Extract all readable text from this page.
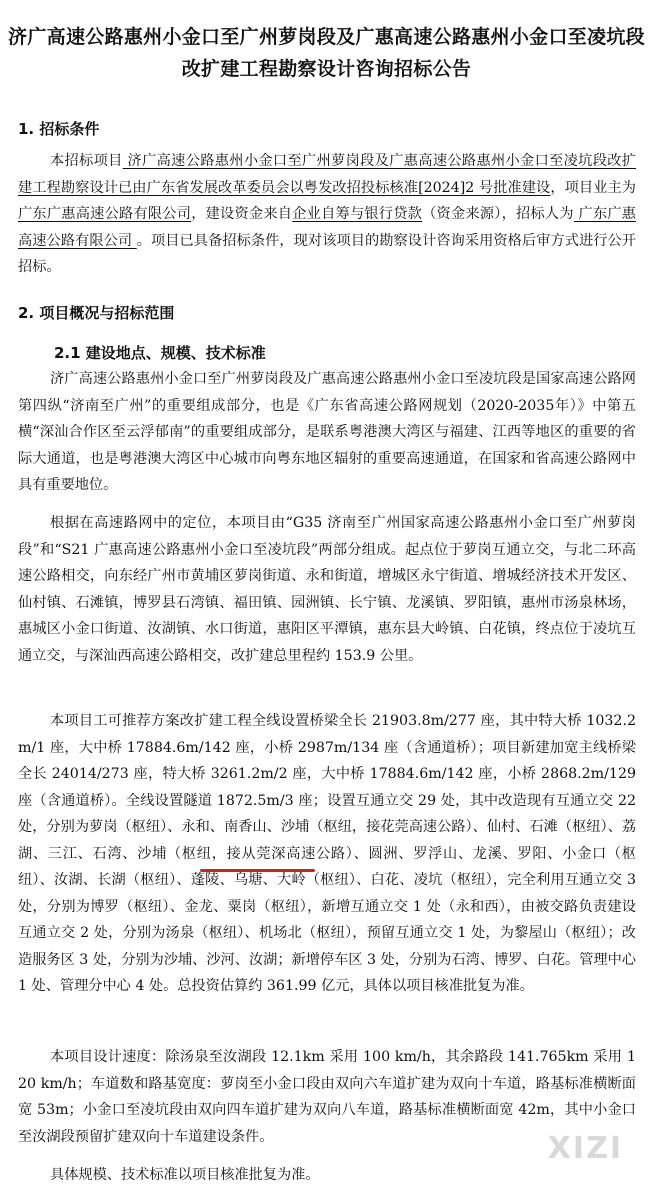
济广高速公路惠州小金口至广州萝岗段及广惠高速公路惠州小金口至凌坑段
改扩建工程勘察设计咨询招标公告
1. 招标条件
本招标项目 济广高速公路惠州小金口至广州萝岗段及广惠高速公路惠州小金口至凌坑段改扩建工程勘察设计已由广东省发展改革委员会以粤发改招投标核准[2024]2 号批准建设，项目业主为 广东广惠高速公路有限公司，建设资金来自企业自筹与银行贷款（资金来源），招标人为 广东广惠高速公路有限公司 。项目已具备招标条件，现对该项目的勘察设计咨询采用资格后审方式进行公开招标。
2. 项目概况与招标范围
2.1 建设地点、规模、技术标准
济广高速公路惠州小金口至广州萝岗段及广惠高速公路惠州小金口至凌坑段是国家高速公路网第四纵“济南至广州”的重要组成部分，也是《广东省高速公路网规划（2020-2035年）》中第五横“深汕合作区至云浮郁南”的重要组成部分，是联系粤港澳大湾区与福建、江西等地区的重要的省际大通道，也是粤港澳大湾区中心城市向粤东地区辐射的重要高速通道，在国家和省高速公路网中具有重要地位。
根据在高速路网中的定位，本项目由“G35 济南至广州国家高速公路惠州小金口至广州萝岗段”和“S21 广惠高速公路惠州小金口至凌坑段”两部分组成。起点位于萝岗互通立交，与北二环高速公路相交，向东经广州市黄埔区萝岗街道、永和街道，增城区永宁街道、增城经济技术开发区、仙村镇、石滩镇，博罗县石湾镇、福田镇、园洲镇、长宁镇、龙溪镇、罗阳镇，惠州市汤泉林场，惠城区小金口街道、汝湖镇、水口街道，惠阳区平潭镇，惠东县大岭镇、白花镇，终点位于凌坑互通立交，与深汕西高速公路相交，改扩建总里程约 153.9 公里。
本项目工可推荐方案改扩建工程全线设置桥梁全长 21903.8m/277 座，其中特大桥 1032.2m/1 座，大中桥 17884.6m/142 座，小桥 2987m/134 座（含通道桥）；项目新建加宽主线桥梁全长 24014/273 座，特大桥 3261.2m/2 座，大中桥 17884.6m/142 座，小桥 2868.2m/129 座（含通道桥）。全线设置隧道 1872.5m/3 座；设置互通立交 29 处，其中改造现有互通立交 22 处，分别为萝岗（枢纽）、永和、南香山、沙埔（枢纽，接花莞高速公路）、仙村、石滩（枢纽）、荔湖、三江、石湾、沙埔（枢纽，接从莞深高速公路）、圆洲、罗浮山、龙溪、罗阳、小金口（枢纽）、汝湖、长湖（枢纽）、蓬陵、乌塘、大岭（枢纽）、白花、凌坑（枢纽），完全利用互通立交 3 处，分别为博罗（枢纽）、金龙、粟岗（枢纽），新增互通立交 1 处（永和西），由被交路负责建设互通立交 2 处，分别为汤泉（枢纽）、机场北（枢纽），预留互通立交 1 处，为黎屋山（枢纽）；改造服务区 3 处，分别为沙埔、沙河、汝湖；新增停车区 3 处，分别为石湾、博罗、白花。管理中心 1 处、管理分中心 4 处。总投资估算约 361.99 亿元，具体以项目核准批复为准。
本项目设计速度：除汤泉至汝湖段 12.1km 采用 100 km/h，其余路段 141.765km 采用 120 km/h；车道数和路基宽度：萝岗至小金口段由双向六车道扩建为双向十车道，路基标准横断面宽 53m；小金口至凌坑段由双向四车道扩建为双向八车道，路基标准横断面宽 42m，其中小金口至汝湖段预留扩建双向十车道建设条件。
具体规模、技术标准以项目核准批复为准。
XIZI
